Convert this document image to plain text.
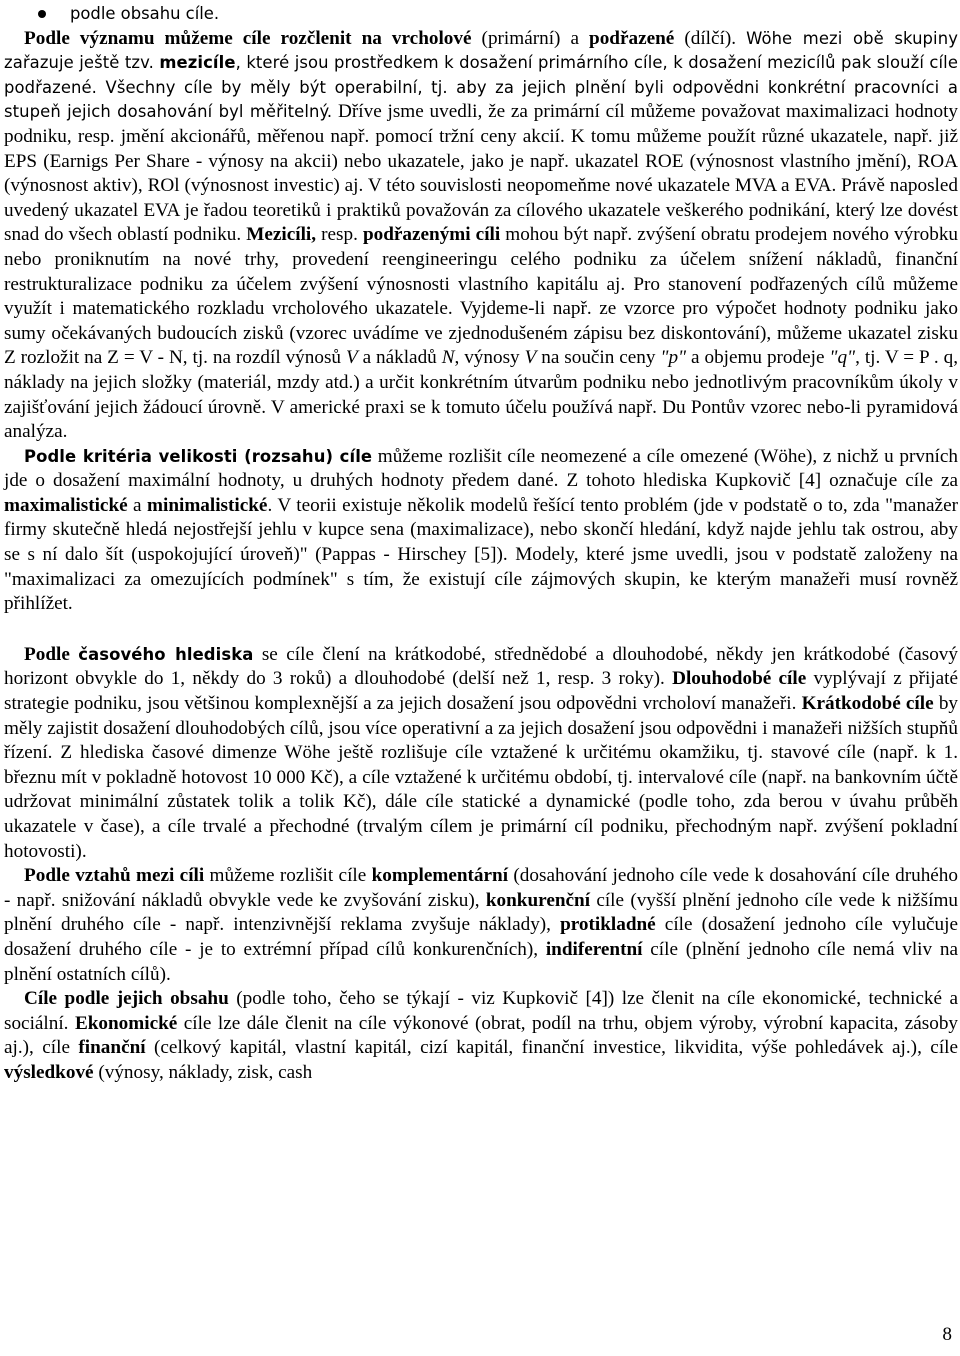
podle obsahu cíle.

Podle významu můžeme cíle rozčlenit na vrcholové (primární) a podřazené (dílčí). Wöhe mezi obě skupiny zařazuje ještě tzv. mezicíle, které jsou prostředkem k dosažení primárního cíle, k dosažení mezicílů pak slouží cíle podřazené. Všechny cíle by měly být operabilní, tj. aby za jejich plnění byli odpovědni konkrétní pracovníci a stupeň jejich dosahování byl měřitelný. Dříve jsme uvedli, že za primární cíl můžeme považovat maximalizaci hodnoty podniku, resp. jmění akcionářů, měřenou např. pomocí tržní ceny akcií. K tomu můžeme použít různé ukazatele, např. již EPS (Earnigs Per Share - výnosy na akcii) nebo ukazatele, jako je např. ukazatel ROE (výnosnost vlastního jmění), ROA (výnosnost aktiv), ROl (výnosnost investic) aj. V této souvislosti neopomeňme nové ukazatele MVA a EVA. Právě naposled uvedený ukazatel EVA je řadou teoretiků i praktiků považován za cílového ukazatele veškerého podnikání, který lze dovést snad do všech oblastí podniku. Mezicíli, resp. podřazenými cíli mohou být např. zvýšení obratu prodejem nového výrobku nebo proniknutím na nové trhy, provedení reengineeringu celého podniku za účelem snížení nákladů, finanční restrukturalizace podniku za účelem zvýšení výnosnosti vlastního kapitálu aj. Pro stanovení podřazených cílů můžeme využít i matematického rozkladu vrcholového ukazatele. Vyjdeme-li např. ze vzorce pro výpočet hodnoty podniku jako sumy očekávaných budoucích zisků (vzorec uvádíme ve zjednodušeném zápisu bez diskontování), můžeme ukazatel zisku Z rozložit na Z = V - N, tj. na rozdíl výnosů V a nákladů N, výnosy V na součin ceny "p" a objemu prodeje "q", tj. V = P . q, náklady na jejich složky (materiál, mzdy atd.) a určit konkrétním útvarům podniku nebo jednotlivým pracovníkům úkoly v zajišťování jejich žádoucí úrovně. V americké praxi se k tomuto účelu používá např. Du Pontův vzorec nebo-li pyramidová analýza.

Podle kritéria velikosti (rozsahu) cíle můžeme rozlišit cíle neomezené a cíle omezené (Wöhe), z nichž u prvních jde o dosažení maximální hodnoty, u druhých hodnoty předem dané. Z tohoto hlediska Kupkovič [4] označuje cíle za maximalistické a minimalistické. V teorii existuje několik modelů řešící tento problém (jde v podstatě o to, zda "manažer firmy skutečně hledá nejostřejší jehlu v kupce sena (maximalizace), nebo skončí hledání, když najde jehlu tak ostrou, aby se s ní dalo šít (uspokojující úroveň)" (Pappas - Hirschey [5]). Modely, které jsme uvedli, jsou v podstatě založeny na "maximalizaci za omezujících podmínek" s tím, že existují cíle zájmových skupin, ke kterým manažeři musí rovněž přihlížet.

Podle časového hlediska se cíle člení na krátkodobé, střednědobé a dlouhodobé, někdy jen krátkodobé (časový horizont obvykle do 1, někdy do 3 roků) a dlouhodobé (delší než 1, resp. 3 roky). Dlouhodobé cíle vyplývají z přijaté strategie podniku, jsou většinou komplexnější a za jejich dosažení jsou odpovědni vrcholoví manažeři. Krátkodobé cíle by měly zajistit dosažení dlouhodobých cílů, jsou více operativní a za jejich dosažení jsou odpovědni i manažeři nižších stupňů řízení. Z hlediska časové dimenze Wöhe ještě rozlišuje cíle vztažené k určitému okamžiku, tj. stavové cíle (např. k 1. březnu mít v pokladně hotovost 10 000 Kč), a cíle vztažené k určitému období, tj. intervalové cíle (např. na bankovním účtě udržovat minimální zůstatek tolik a tolik Kč), dále cíle statické a dynamické (podle toho, zda berou v úvahu průběh ukazatele v čase), a cíle trvalé a přechodné (trvalým cílem je primární cíl podniku, přechodným např. zvýšení pokladní hotovosti).

Podle vztahů mezi cíli můžeme rozlišit cíle komplementární (dosahování jednoho cíle vede k dosahování cíle druhého - např. snižování nákladů obvykle vede ke zvyšování zisku), konkurenční cíle (vyšší plnění jednoho cíle vede k nižšímu plnění druhého cíle - např. intenzivnější reklama zvyšuje náklady), protikladné cíle (dosažení jednoho cíle vylučuje dosažení druhého cíle - je to extrémní případ cílů konkurenčních), indiferentní cíle (plnění jednoho cíle nemá vliv na plnění ostatních cílů).

Cíle podle jejich obsahu (podle toho, čeho se týkají - viz Kupkovič [4]) lze členit na cíle ekonomické, technické a sociální. Ekonomické cíle lze dále členit na cíle výkonové (obrat, podíl na trhu, objem výroby, výrobní kapacita, zásoby aj.), cíle finanční (celkový kapitál, vlastní kapitál, cizí kapitál, finanční investice, likvidita, výše pohledávek aj.), cíle výsledkové (výnosy, náklady, zisk, cash

8
